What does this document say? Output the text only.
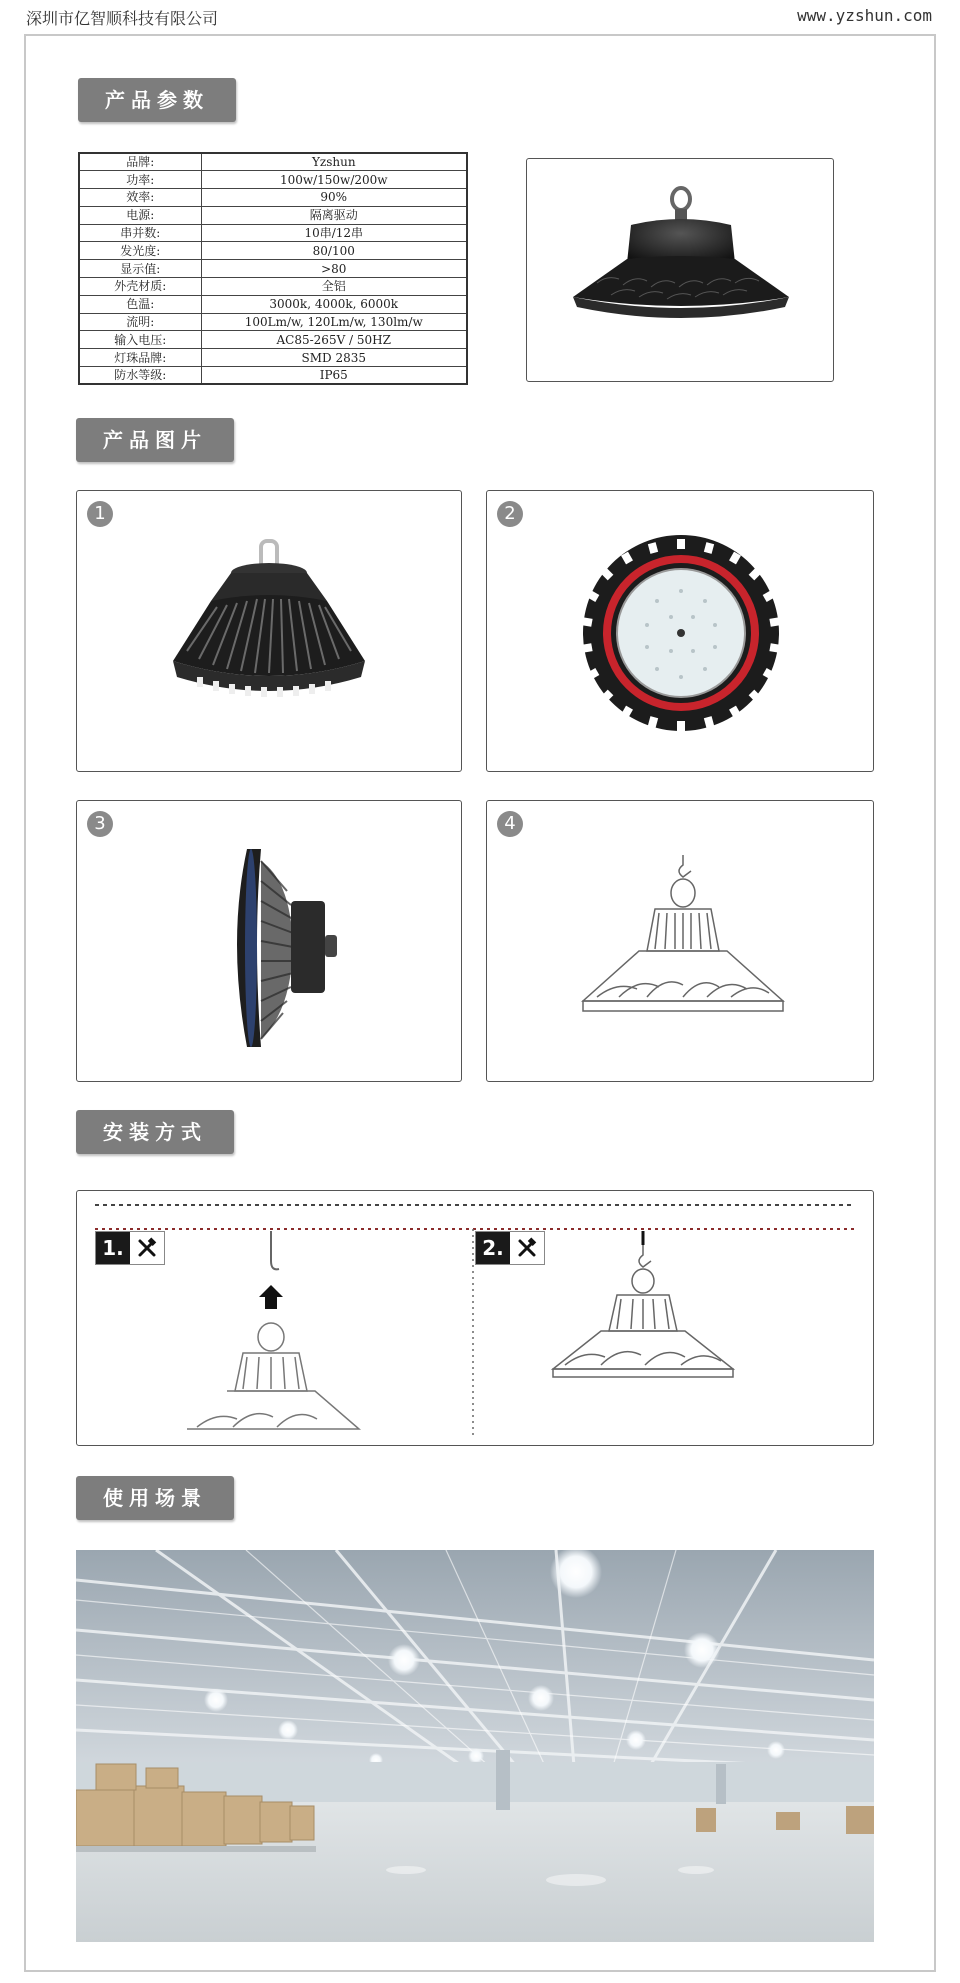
深圳市亿智顺科技有限公司	www.yzshun.com
产品参数
品牌:	Yzshun
功率:	100w/150w/200w
效率:	90%
电源:	隔离驱动
串并数:	10串/12串
发光度:	80/100
显示值:	>80
外壳材质:	全铝
色温:	3000k, 4000k, 6000k
流明:	100Lm/w, 120Lm/w, 130lm/w
输入电压:	AC85-265V / 50HZ
灯珠品牌:	SMD 2835
防水等级:	IP65
产品图片
1	2
3	4
安装方式
1.	2.
使用场景
